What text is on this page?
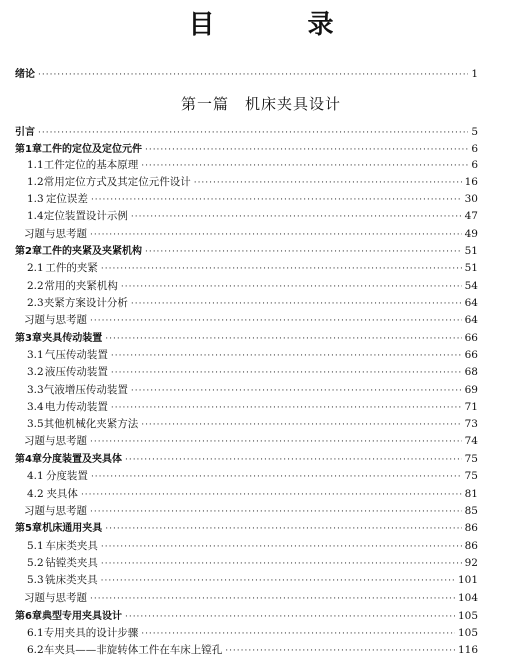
目 录
第一篇　机床夹具设计
绪论 ·····	1
引言 ·····	5
第1章 工件的定位及定位元件 ·····	6
1.1 工件定位的基本原理 ·····	6
1.2 常用定位方式及其定位元件设计 ·····	16
1.3 定位误差 ·····	30
1.4 定位装置设计示例 ·····	47
习题与思考题 ·····	49
第2章 工件的夹紧及夹紧机构 ·····	51
2.1 工件的夹紧 ·····	51
2.2 常用的夹紧机构 ·····	54
2.3 夹紧方案设计分析 ·····	64
习题与思考题 ·····	64
第3章 夹具传动装置 ·····	66
3.1 气压传动装置 ·····	66
3.2 液压传动装置 ·····	68
3.3 气液增压传动装置 ·····	69
3.4 电力传动装置 ·····	71
3.5 其他机械化夹紧方法 ·····	73
习题与思考题 ·····	74
第4章 分度装置及夹具体 ·····	75
4.1 分度装置 ·····	75
4.2 夹具体 ·····	81
习题与思考题 ·····	85
第5章 机床通用夹具 ·····	86
5.1 车床类夹具 ·····	86
5.2 钻镗类夹具 ·····	92
5.3 铣床类夹具 ·····	101
习题与思考题 ·····	104
第6章 典型专用夹具设计 ·····	105
6.1 专用夹具的设计步骤 ·····	105
6.2 车夹具——非旋转体工件在车床上镗孔 ·····	116
